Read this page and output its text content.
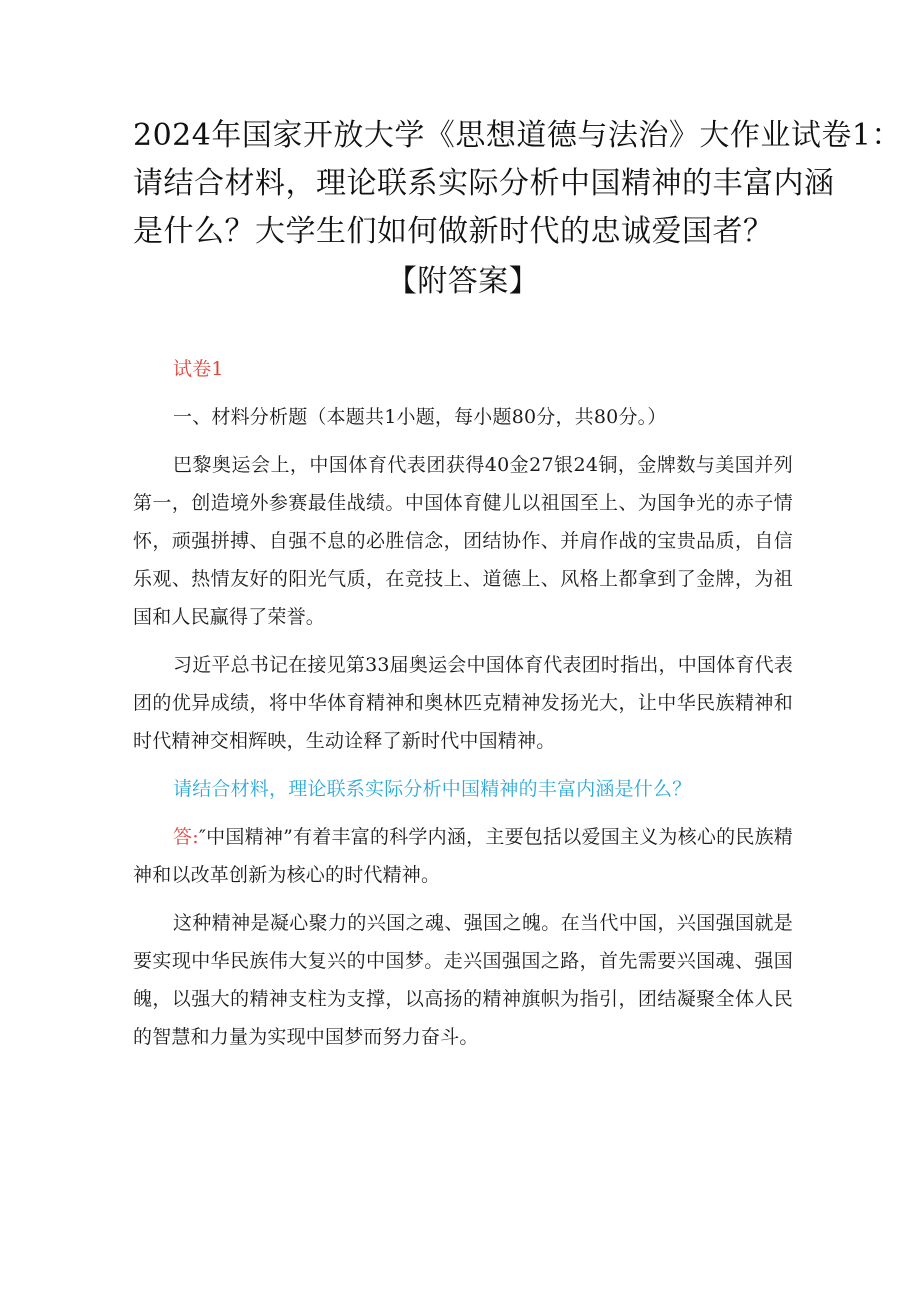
2024年国家开放大学《思想道德与法治》大作业试卷1：
请结合材料，理论联系实际分析中国精神的丰富内涵
是什么？大学生们如何做新时代的忠诚爱国者？
【附答案】

试卷1

一、材料分析题（本题共1小题，每小题80分，共80分。）

巴黎奥运会上，中国体育代表团获得40金27银24铜，金牌数与美国并列第一，创造境外参赛最佳战绩。中国体育健儿以祖国至上、为国争光的赤子情怀，顽强拼搏、自强不息的必胜信念，团结协作、并肩作战的宝贵品质，自信乐观、热情友好的阳光气质，在竞技上、道德上、风格上都拿到了金牌，为祖国和人民赢得了荣誉。

习近平总书记在接见第33届奥运会中国体育代表团时指出，中国体育代表团的优异成绩，将中华体育精神和奥林匹克精神发扬光大，让中华民族精神和时代精神交相辉映，生动诠释了新时代中国精神。

请结合材料，理论联系实际分析中国精神的丰富内涵是什么？

答:″中国精神”有着丰富的科学内涵，主要包括以爱国主义为核心的民族精神和以改革创新为核心的时代精神。

这种精神是凝心聚力的兴国之魂、强国之魄。在当代中国，兴国强国就是要实现中华民族伟大复兴的中国梦。走兴国强国之路，首先需要兴国魂、强国魄，以强大的精神支柱为支撑，以高扬的精神旗帜为指引，团结凝聚全体人民的智慧和力量为实现中国梦而努力奋斗。
